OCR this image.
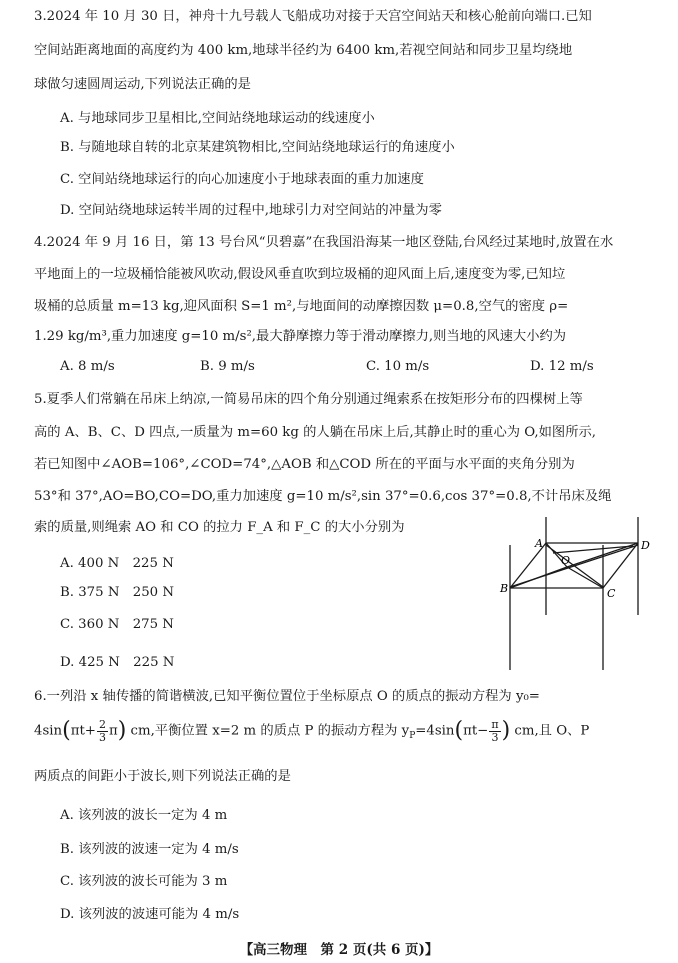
3.2024 年 10 月 30 日，神舟十九号载人飞船成功对接于天宫空间站天和核心舱前向端口.已知
空间站距离地面的高度约为 400 km,地球半径约为 6400 km,若视空间站和同步卫星均绕地
球做匀速圆周运动,下列说法正确的是
A. 与地球同步卫星相比,空间站绕地球运动的线速度小
B. 与随地球自转的北京某建筑物相比,空间站绕地球运行的角速度小
C. 空间站绕地球运行的向心加速度小于地球表面的重力加速度
D. 空间站绕地球运转半周的过程中,地球引力对空间站的冲量为零
4.2024 年 9 月 16 日，第 13 号台风“贝碧嘉”在我国沿海某一地区登陆,台风经过某地时,放置在水
平地面上的一垃圾桶恰能被风吹动,假设风垂直吹到垃圾桶的迎风面上后,速度变为零,已知垃
圾桶的总质量 m=13 kg,迎风面积 S=1 m²,与地面间的动摩擦因数 μ=0.8,空气的密度 ρ=
1.29 kg/m³,重力加速度 g=10 m/s²,最大静摩擦力等于滑动摩擦力,则当地的风速大小约为
A. 8 m/s	B. 9 m/s	C. 10 m/s	D. 12 m/s
5.夏季人们常躺在吊床上纳凉,一简易吊床的四个角分别通过绳索系在按矩形分布的四棵树上等
高的 A、B、C、D 四点,一质量为 m=60 kg 的人躺在吊床上后,其静止时的重心为 O,如图所示,
若已知图中∠AOB=106°,∠COD=74°,△AOB 和△COD 所在的平面与水平面的夹角分别为
53°和 37°,AO=BO,CO=DO,重力加速度 g=10 m/s²,sin 37°=0.6,cos 37°=0.8,不计吊床及绳
索的质量,则绳索 AO 和 CO 的拉力 F_A 和 F_C 的大小分别为
A. 400 N　225 N
B. 375 N　250 N
C. 360 N　275 N
D. 425 N　225 N
A	D
B	C
O
6.一列沿 x 轴传播的简谐横波,已知平衡位置位于坐标原点 O 的质点的振动方程为 y₀=
$4\sin(\pi t+ \frac{2}{3} \pi)$ cm,平衡位置 x=2 m 的质点 P 的振动方程为 $y_P=4\sin(\pi t- \frac{\pi}{3}$ ) cm,且 O、P
两质点的间距小于波长,则下列说法正确的是
A. 该列波的波长一定为 4 m
B. 该列波的波速一定为 4 m/s
C. 该列波的波长可能为 3 m
D. 该列波的波速可能为 4 m/s
【高三物理　第 2 页(共 6 页)】
